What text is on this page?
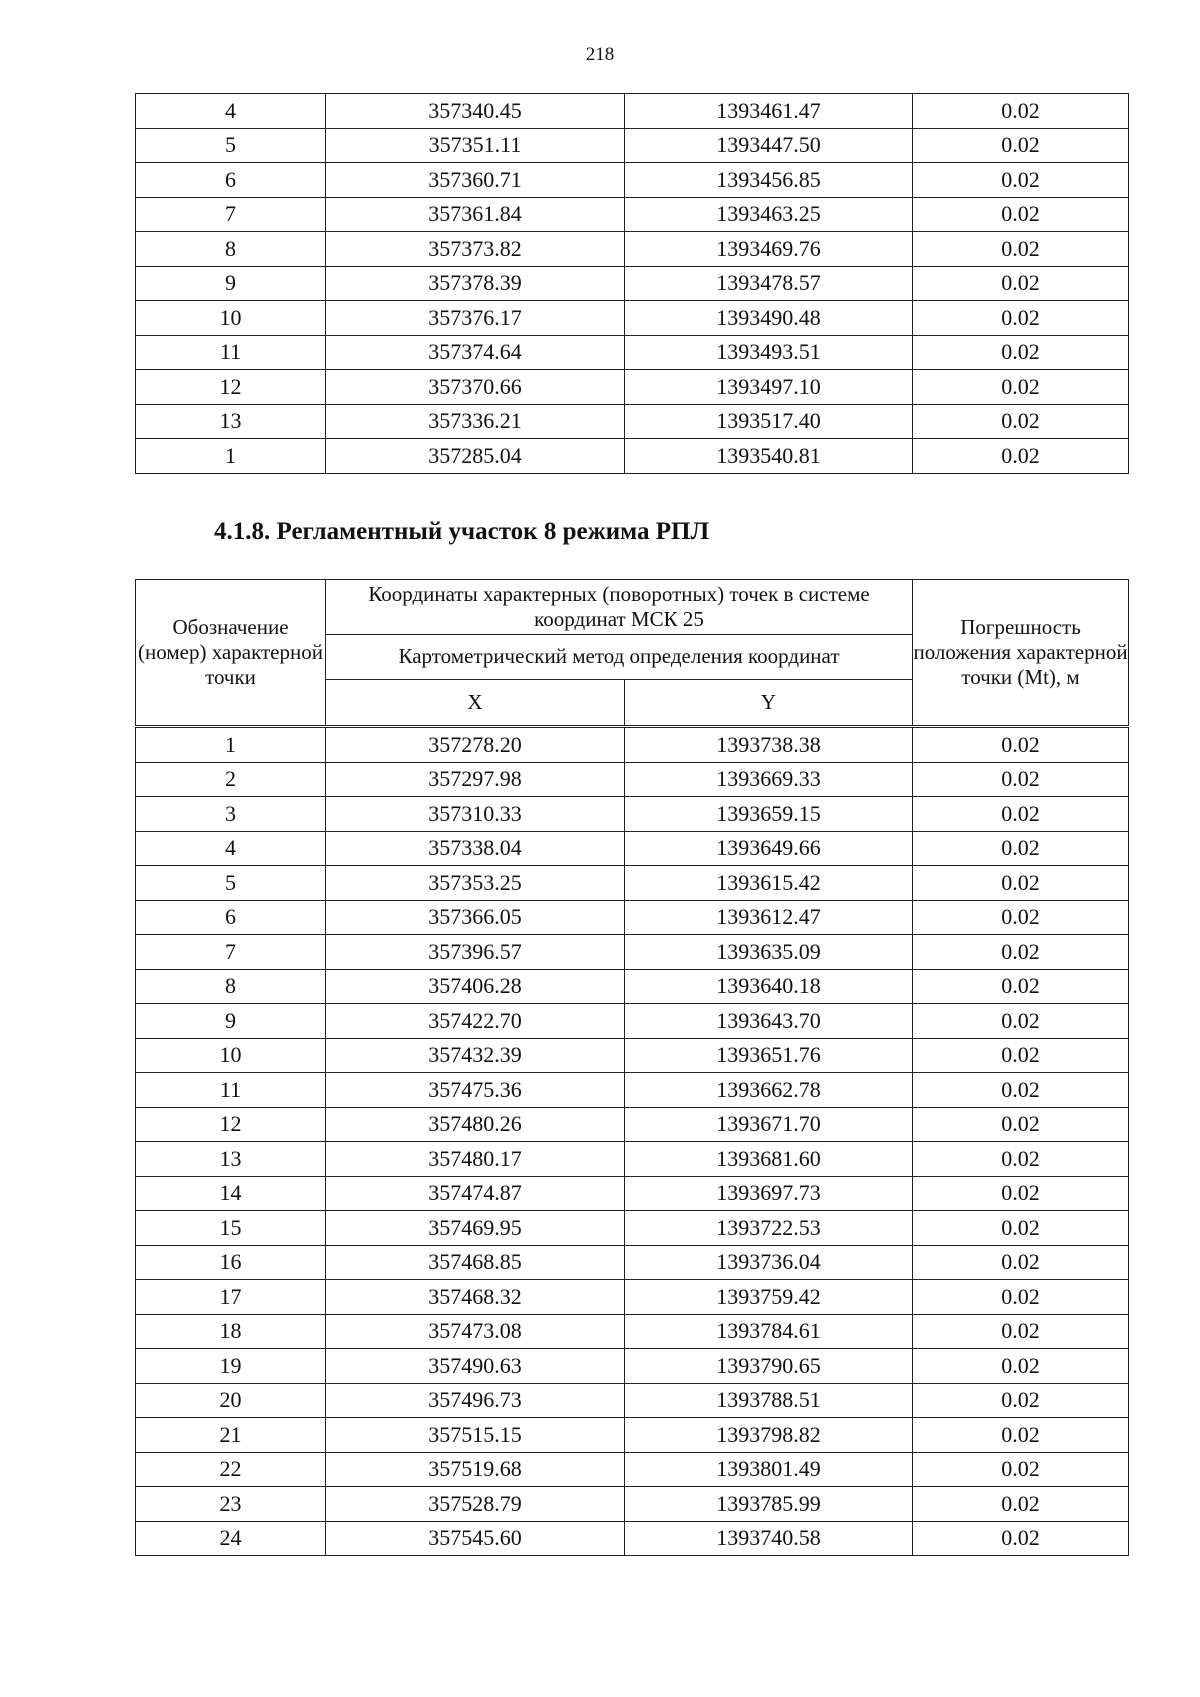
218
4	357340.45	1393461.47	0.02
5	357351.11	1393447.50	0.02
6	357360.71	1393456.85	0.02
7	357361.84	1393463.25	0.02
8	357373.82	1393469.76	0.02
9	357378.39	1393478.57	0.02
10	357376.17	1393490.48	0.02
11	357374.64	1393493.51	0.02
12	357370.66	1393497.10	0.02
13	357336.21	1393517.40	0.02
1	357285.04	1393540.81	0.02
4.1.8. Регламентный участок 8 режима РПЛ
Обозначение (номер) характерной точки	Координаты характерных (поворотных) точек в системе координат МСК 25		Погрешность положения характерной точки (Mt), м
	Картометрический метод определения координат		
	X	Y	
1	357278.20	1393738.38	0.02
2	357297.98	1393669.33	0.02
3	357310.33	1393659.15	0.02
4	357338.04	1393649.66	0.02
5	357353.25	1393615.42	0.02
6	357366.05	1393612.47	0.02
7	357396.57	1393635.09	0.02
8	357406.28	1393640.18	0.02
9	357422.70	1393643.70	0.02
10	357432.39	1393651.76	0.02
11	357475.36	1393662.78	0.02
12	357480.26	1393671.70	0.02
13	357480.17	1393681.60	0.02
14	357474.87	1393697.73	0.02
15	357469.95	1393722.53	0.02
16	357468.85	1393736.04	0.02
17	357468.32	1393759.42	0.02
18	357473.08	1393784.61	0.02
19	357490.63	1393790.65	0.02
20	357496.73	1393788.51	0.02
21	357515.15	1393798.82	0.02
22	357519.68	1393801.49	0.02
23	357528.79	1393785.99	0.02
24	357545.60	1393740.58	0.02
